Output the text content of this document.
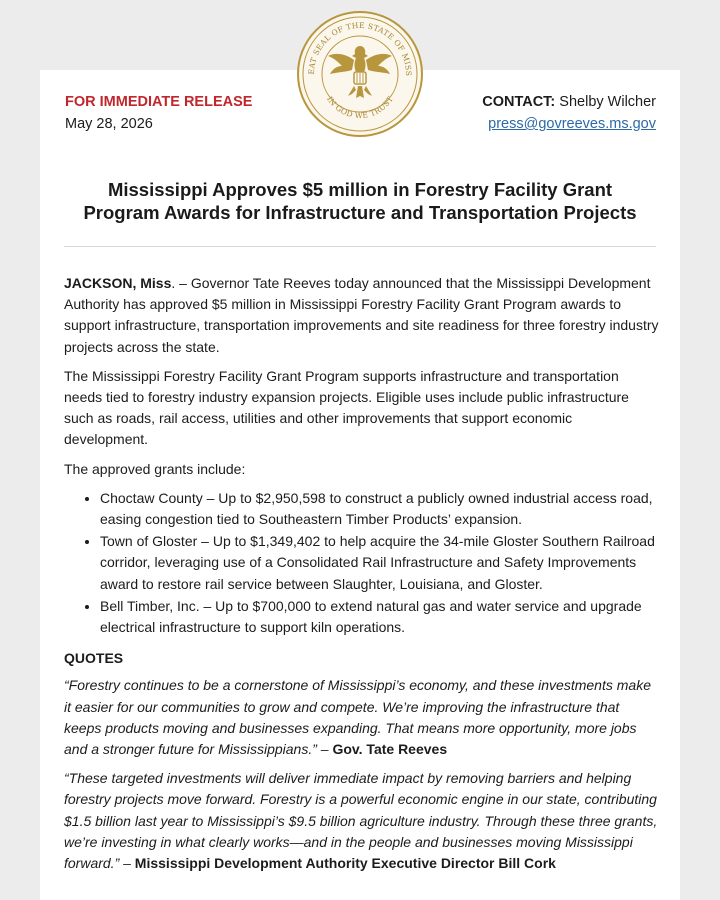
EAT SEAL OF THE STATE OF MISS
IN GOD WE TRUST
FOR IMMEDIATE RELEASE
May 28, 2026
CONTACT: Shelby Wilcher
press@govreeves.ms.gov
Mississippi Approves $5 million in Forestry Facility Grant
Program Awards for Infrastructure and Transportation Projects

JACKSON, Miss. – Governor Tate Reeves today announced that the Mississippi Development Authority has approved $5 million in Mississippi Forestry Facility Grant Program awards to support infrastructure, transportation improvements and site readiness for three forestry industry projects across the state.

The Mississippi Forestry Facility Grant Program supports infrastructure and transportation needs tied to forestry industry expansion projects. Eligible uses include public infrastructure such as roads, rail access, utilities and other improvements that support economic development.

The approved grants include:

• Choctaw County – Up to $2,950,598 to construct a publicly owned industrial access road, easing congestion tied to Southeastern Timber Products’ expansion.
• Town of Gloster – Up to $1,349,402 to help acquire the 34-mile Gloster Southern Railroad corridor, leveraging use of a Consolidated Rail Infrastructure and Safety Improvements award to restore rail service between Slaughter, Louisiana, and Gloster.
• Bell Timber, Inc. – Up to $700,000 to extend natural gas and water service and upgrade electrical infrastructure to support kiln operations.
QUOTES

“Forestry continues to be a cornerstone of Mississippi’s economy, and these investments make it easier for our communities to grow and compete. We’re improving the infrastructure that keeps products moving and businesses expanding. That means more opportunity, more jobs and a stronger future for Mississippians.” – Gov. Tate Reeves

“These targeted investments will deliver immediate impact by removing barriers and helping forestry projects move forward. Forestry is a powerful economic engine in our state, contributing $1.5 billion last year to Mississippi’s $9.5 billion agriculture industry. Through these three grants, we’re investing in what clearly works—and in the people and businesses moving Mississippi forward.” – Mississippi Development Authority Executive Director Bill Cork
